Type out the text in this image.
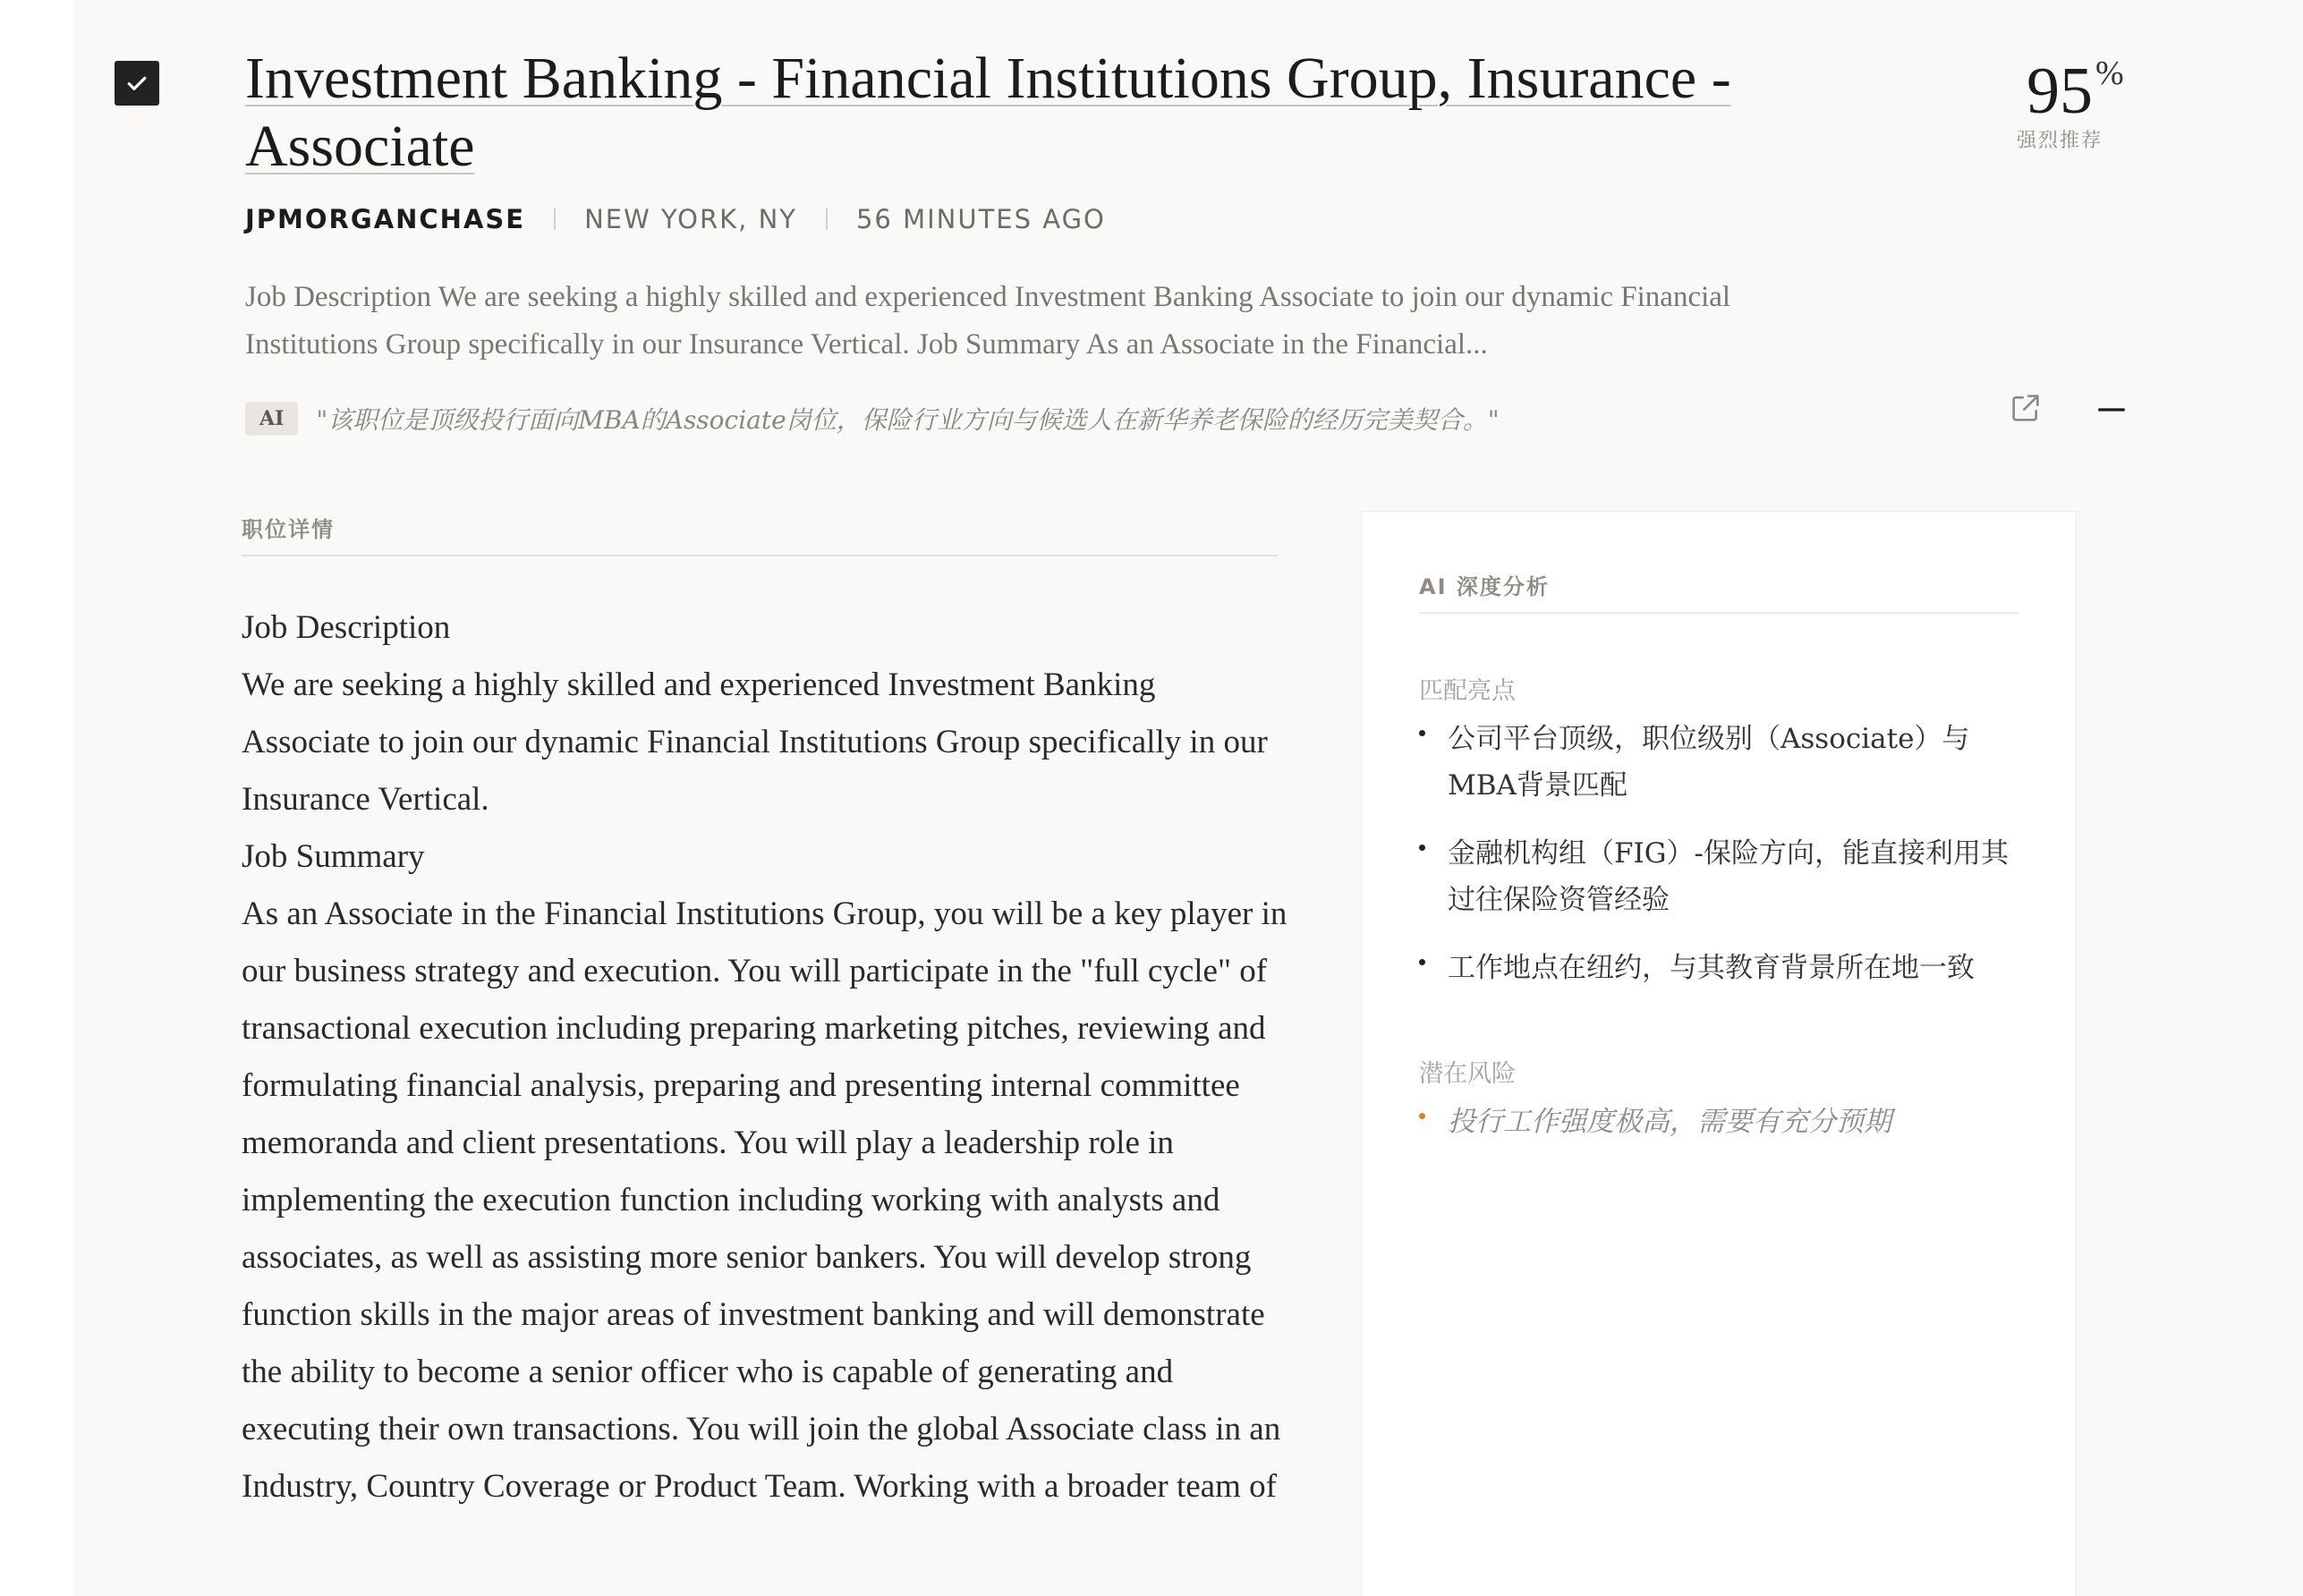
Investment Banking - Financial Institutions Group, Insurance - Associate
95 %
强烈推荐
JPMORGANCHASE NEW YORK, NY 56 MINUTES AGO

Job Description We are seeking a highly skilled and experienced Investment Banking Associate to join our dynamic Financial Institutions Group specifically in our Insurance Vertical. Job Summary As an Associate in the Financial...

AI	"该职位是顶级投行面向MBA的Associate岗位，保险行业方向与候选人在新华养老保险的经历完美契合。"
职位详情

Job Description

We are seeking a highly skilled and experienced Investment Banking Associate to join our dynamic Financial Institutions Group specifically in our Insurance Vertical.

Job Summary

As an Associate in the Financial Institutions Group, you will be a key player in our business strategy and execution. You will participate in the "full cycle" of transactional execution including preparing marketing pitches, reviewing and formulating financial analysis, preparing and presenting internal committee memoranda and client presentations. You will play a leadership role in implementing the execution function including working with analysts and associates, as well as assisting more senior bankers. You will develop strong function skills in the major areas of investment banking and will demonstrate the ability to become a senior officer who is capable of generating and executing their own transactions. You will join the global Associate class in an Industry, Country Coverage or Product Team. Working with a broader team of

AI 深度分析
匹配亮点
公司平台顶级，职位级别（Associate）与MBA背景匹配
金融机构组（FIG）-保险方向，能直接利用其过往保险资管经验
工作地点在纽约，与其教育背景所在地一致
潜在风险
投行工作强度极高，需要有充分预期
